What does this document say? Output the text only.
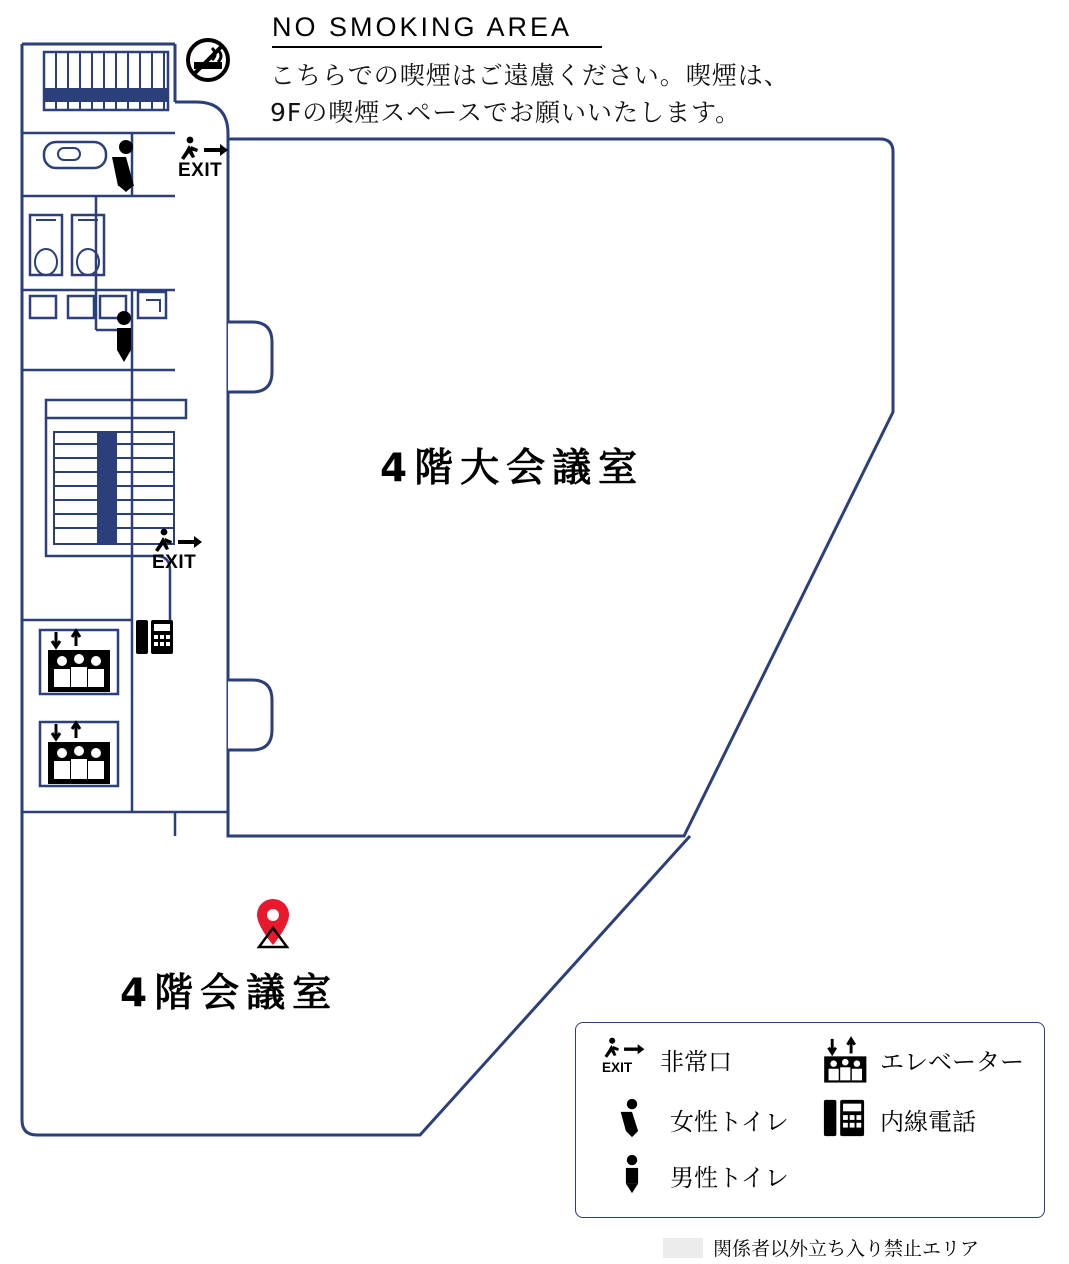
NO SMOKING AREA
こちらでの喫煙はご遠慮ください。喫煙は、
9Fの喫煙スペースでお願いいたします。
4階大会議室
4階会議室
EXIT
EXIT
EXIT 非常口
女性トイレ
男性トイレ
エレベーター
内線電話
関係者以外立ち入り禁止エリア
